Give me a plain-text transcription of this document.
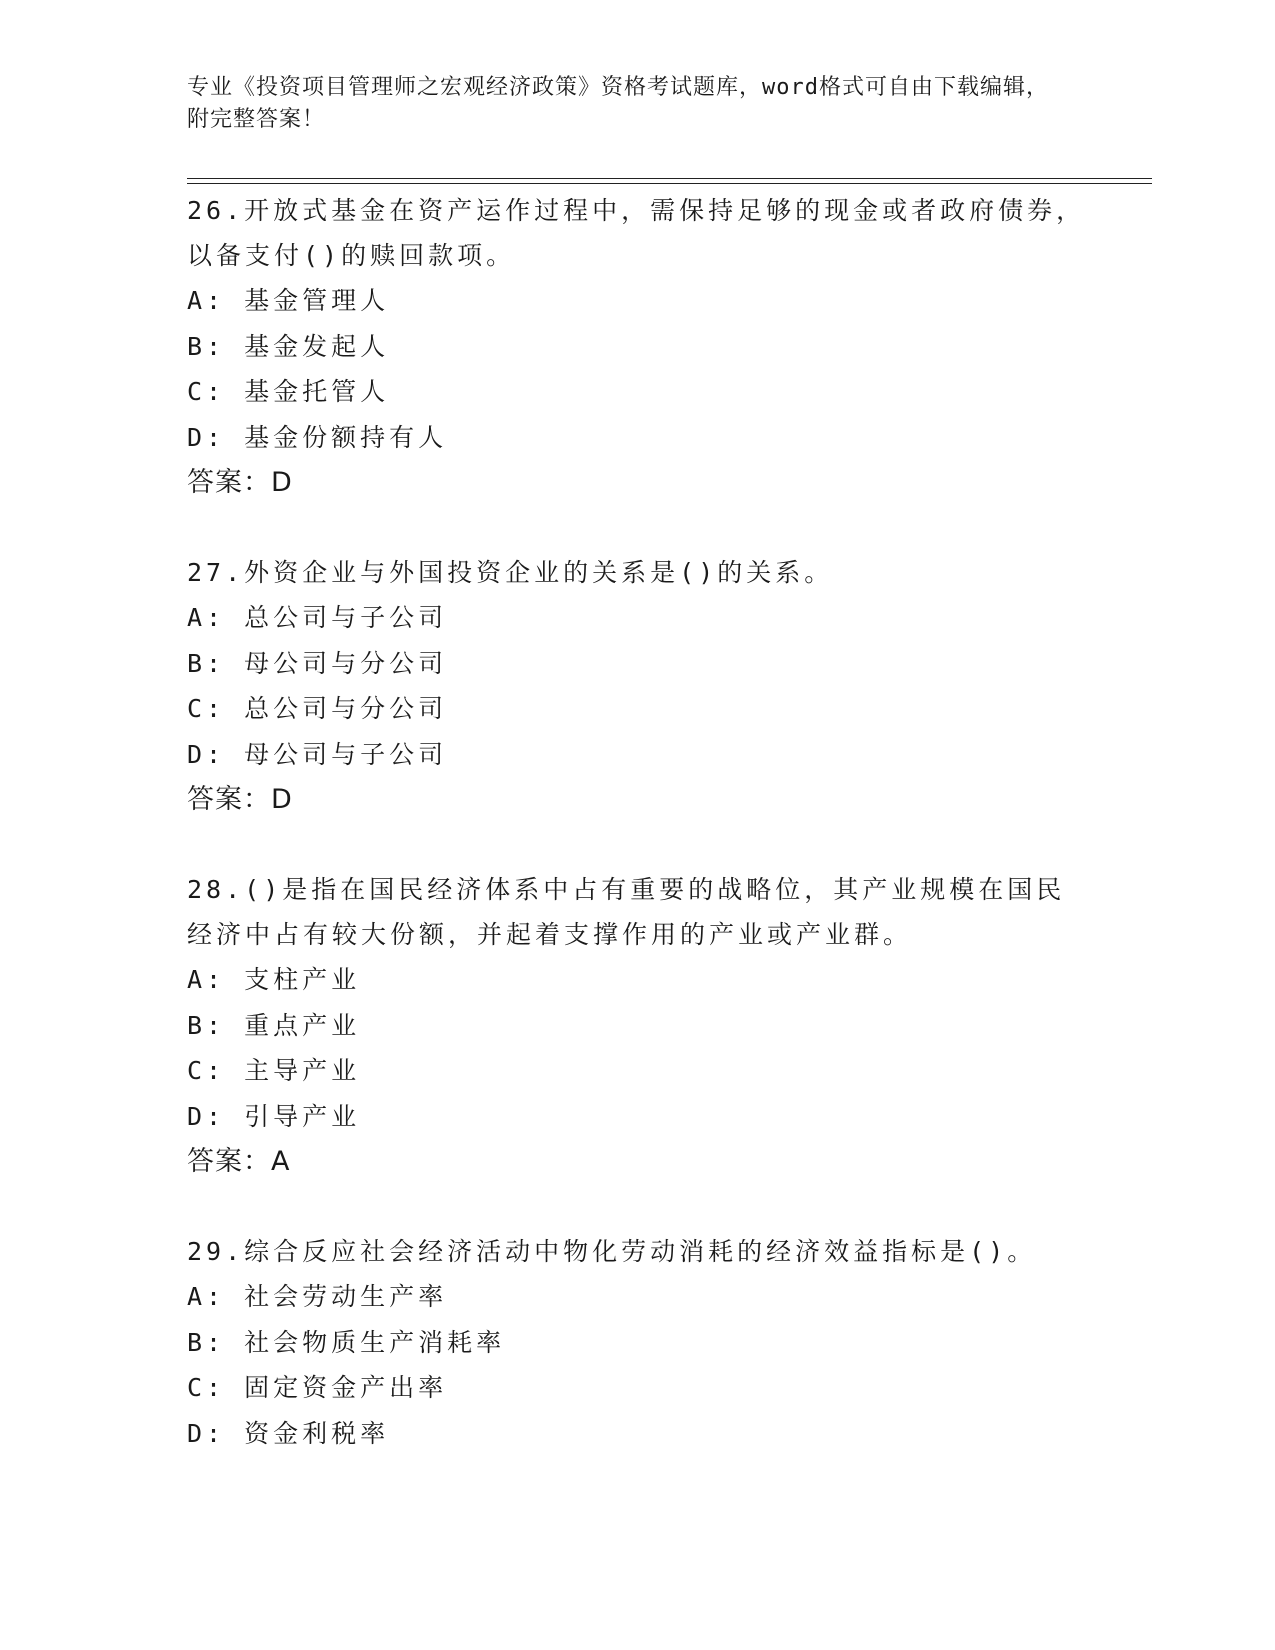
专业《投资项目管理师之宏观经济政策》资格考试题库，word格式可自由下载编辑，附完整答案！
26.开放式基金在资产运作过程中，需保持足够的现金或者政府债券，以备支付()的赎回款项。
A: 基金管理人
B: 基金发起人
C: 基金托管人
D: 基金份额持有人
答案：D
27.外资企业与外国投资企业的关系是()的关系。
A: 总公司与子公司
B: 母公司与分公司
C: 总公司与分公司
D: 母公司与子公司
答案：D
28.()是指在国民经济体系中占有重要的战略位，其产业规模在国民经济中占有较大份额，并起着支撑作用的产业或产业群。
A: 支柱产业
B: 重点产业
C: 主导产业
D: 引导产业
答案：A
29.综合反应社会经济活动中物化劳动消耗的经济效益指标是()。
A: 社会劳动生产率
B: 社会物质生产消耗率
C: 固定资金产出率
D: 资金利税率
